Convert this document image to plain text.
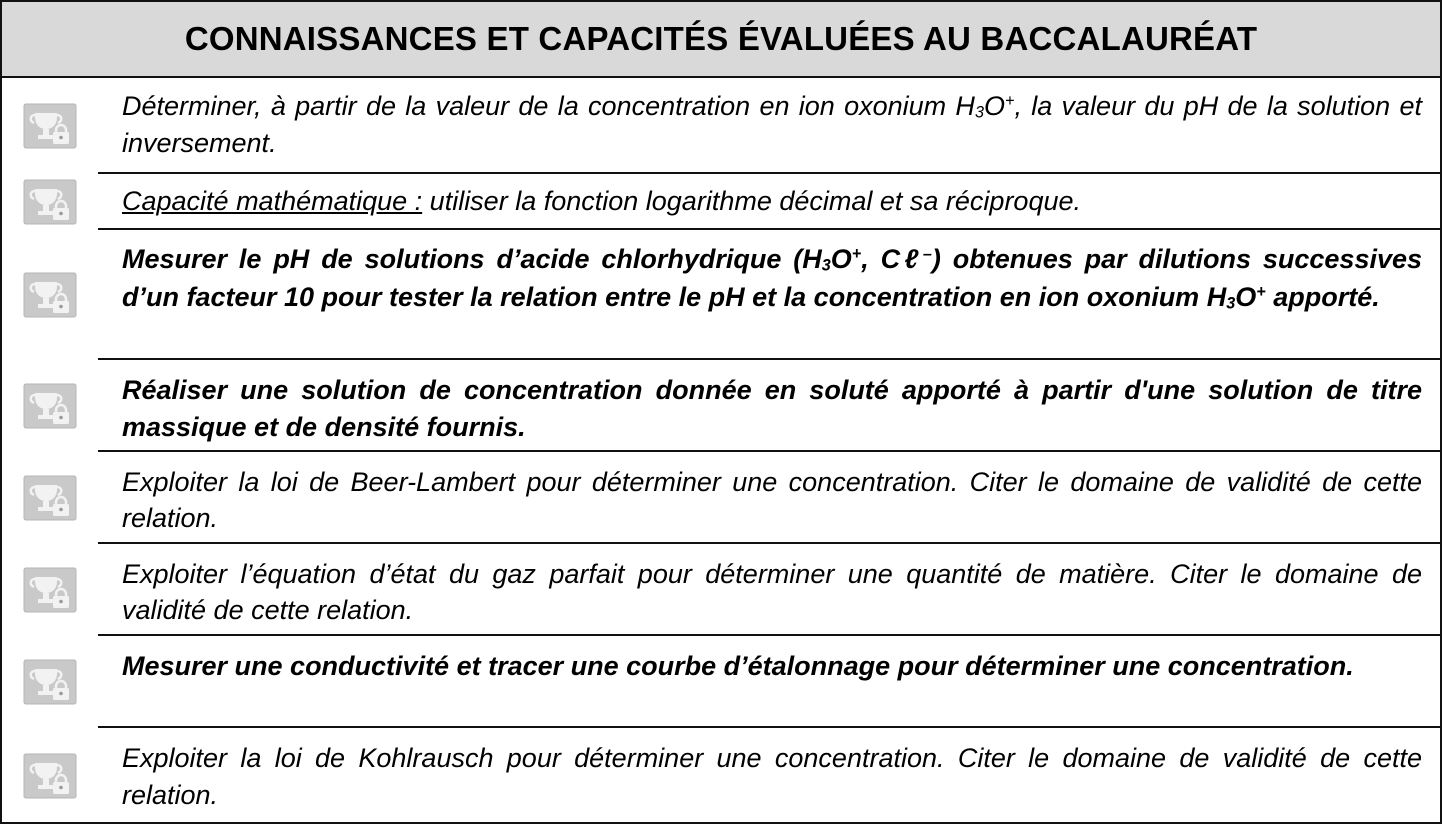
CONNAISSANCES ET CAPACITÉS ÉVALUÉES AU BACCALAURÉAT
Déterminer, à partir de la valeur de la concentration en ion oxonium $H_3O^+$, la valeur du pH de la solution et inversement.
Capacité mathématique : utiliser la fonction logarithme décimal et sa réciproque.
Mesurer le pH de solutions d’acide chlorhydrique ($H_3O^+$, Cℓ–) obtenues par dilutions successives d’un facteur 10 pour tester la relation entre le pH et la concentration en ion oxonium $H_3O^+$ apporté.
Réaliser une solution de concentration donnée en soluté apporté à partir d'une solution de titre massique et de densité fournis.
Exploiter la loi de Beer-Lambert pour déterminer une concentration. Citer le domaine de validité de cette relation.
Exploiter l’équation d’état du gaz parfait pour déterminer une quantité de matière. Citer le domaine de validité de cette relation.
Mesurer une conductivité et tracer une courbe d’étalonnage pour déterminer une concentration.
Exploiter la loi de Kohlrausch pour déterminer une concentration. Citer le domaine de validité de cette relation.
